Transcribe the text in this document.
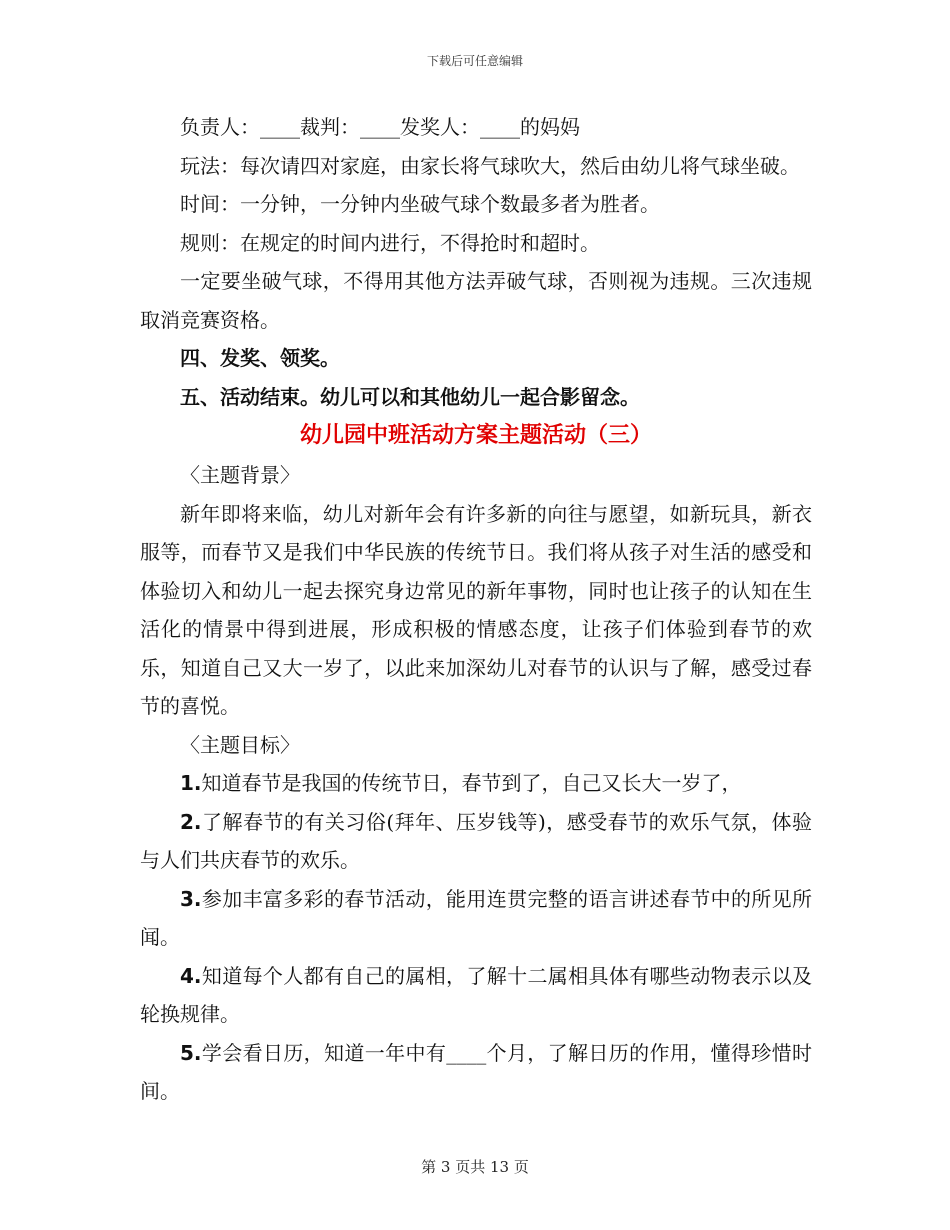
下载后可任意编辑

负责人：____裁判：____发奖人：____的妈妈

玩法：每次请四对家庭，由家长将气球吹大，然后由幼儿将气球坐破。

时间：一分钟，一分钟内坐破气球个数最多者为胜者。

规则：在规定的时间内进行，不得抢时和超时。

一定要坐破气球，不得用其他方法弄破气球，否则视为违规。三次违规取消竞赛资格。

四、发奖、领奖。

五、活动结束。幼儿可以和其他幼儿一起合影留念。

幼儿园中班活动方案主题活动（三）

〈主题背景〉

新年即将来临，幼儿对新年会有许多新的向往与愿望，如新玩具，新衣服等，而春节又是我们中华民族的传统节日。我们将从孩子对生活的感受和体验切入和幼儿一起去探究身边常见的新年事物，同时也让孩子的认知在生活化的情景中得到进展，形成积极的情感态度，让孩子们体验到春节的欢乐，知道自己又大一岁了，以此来加深幼儿对春节的认识与了解，感受过春节的喜悦。

〈主题目标〉

1.知道春节是我国的传统节日，春节到了，自己又长大一岁了，

2.了解春节的有关习俗(拜年、压岁钱等)，感受春节的欢乐气氛，体验与人们共庆春节的欢乐。

3.参加丰富多彩的春节活动，能用连贯完整的语言讲述春节中的所见所闻。

4.知道每个人都有自己的属相，了解十二属相具体有哪些动物表示以及轮换规律。

5.学会看日历，知道一年中有____个月，了解日历的作用，懂得珍惜时间。

第 3 页共 13 页
